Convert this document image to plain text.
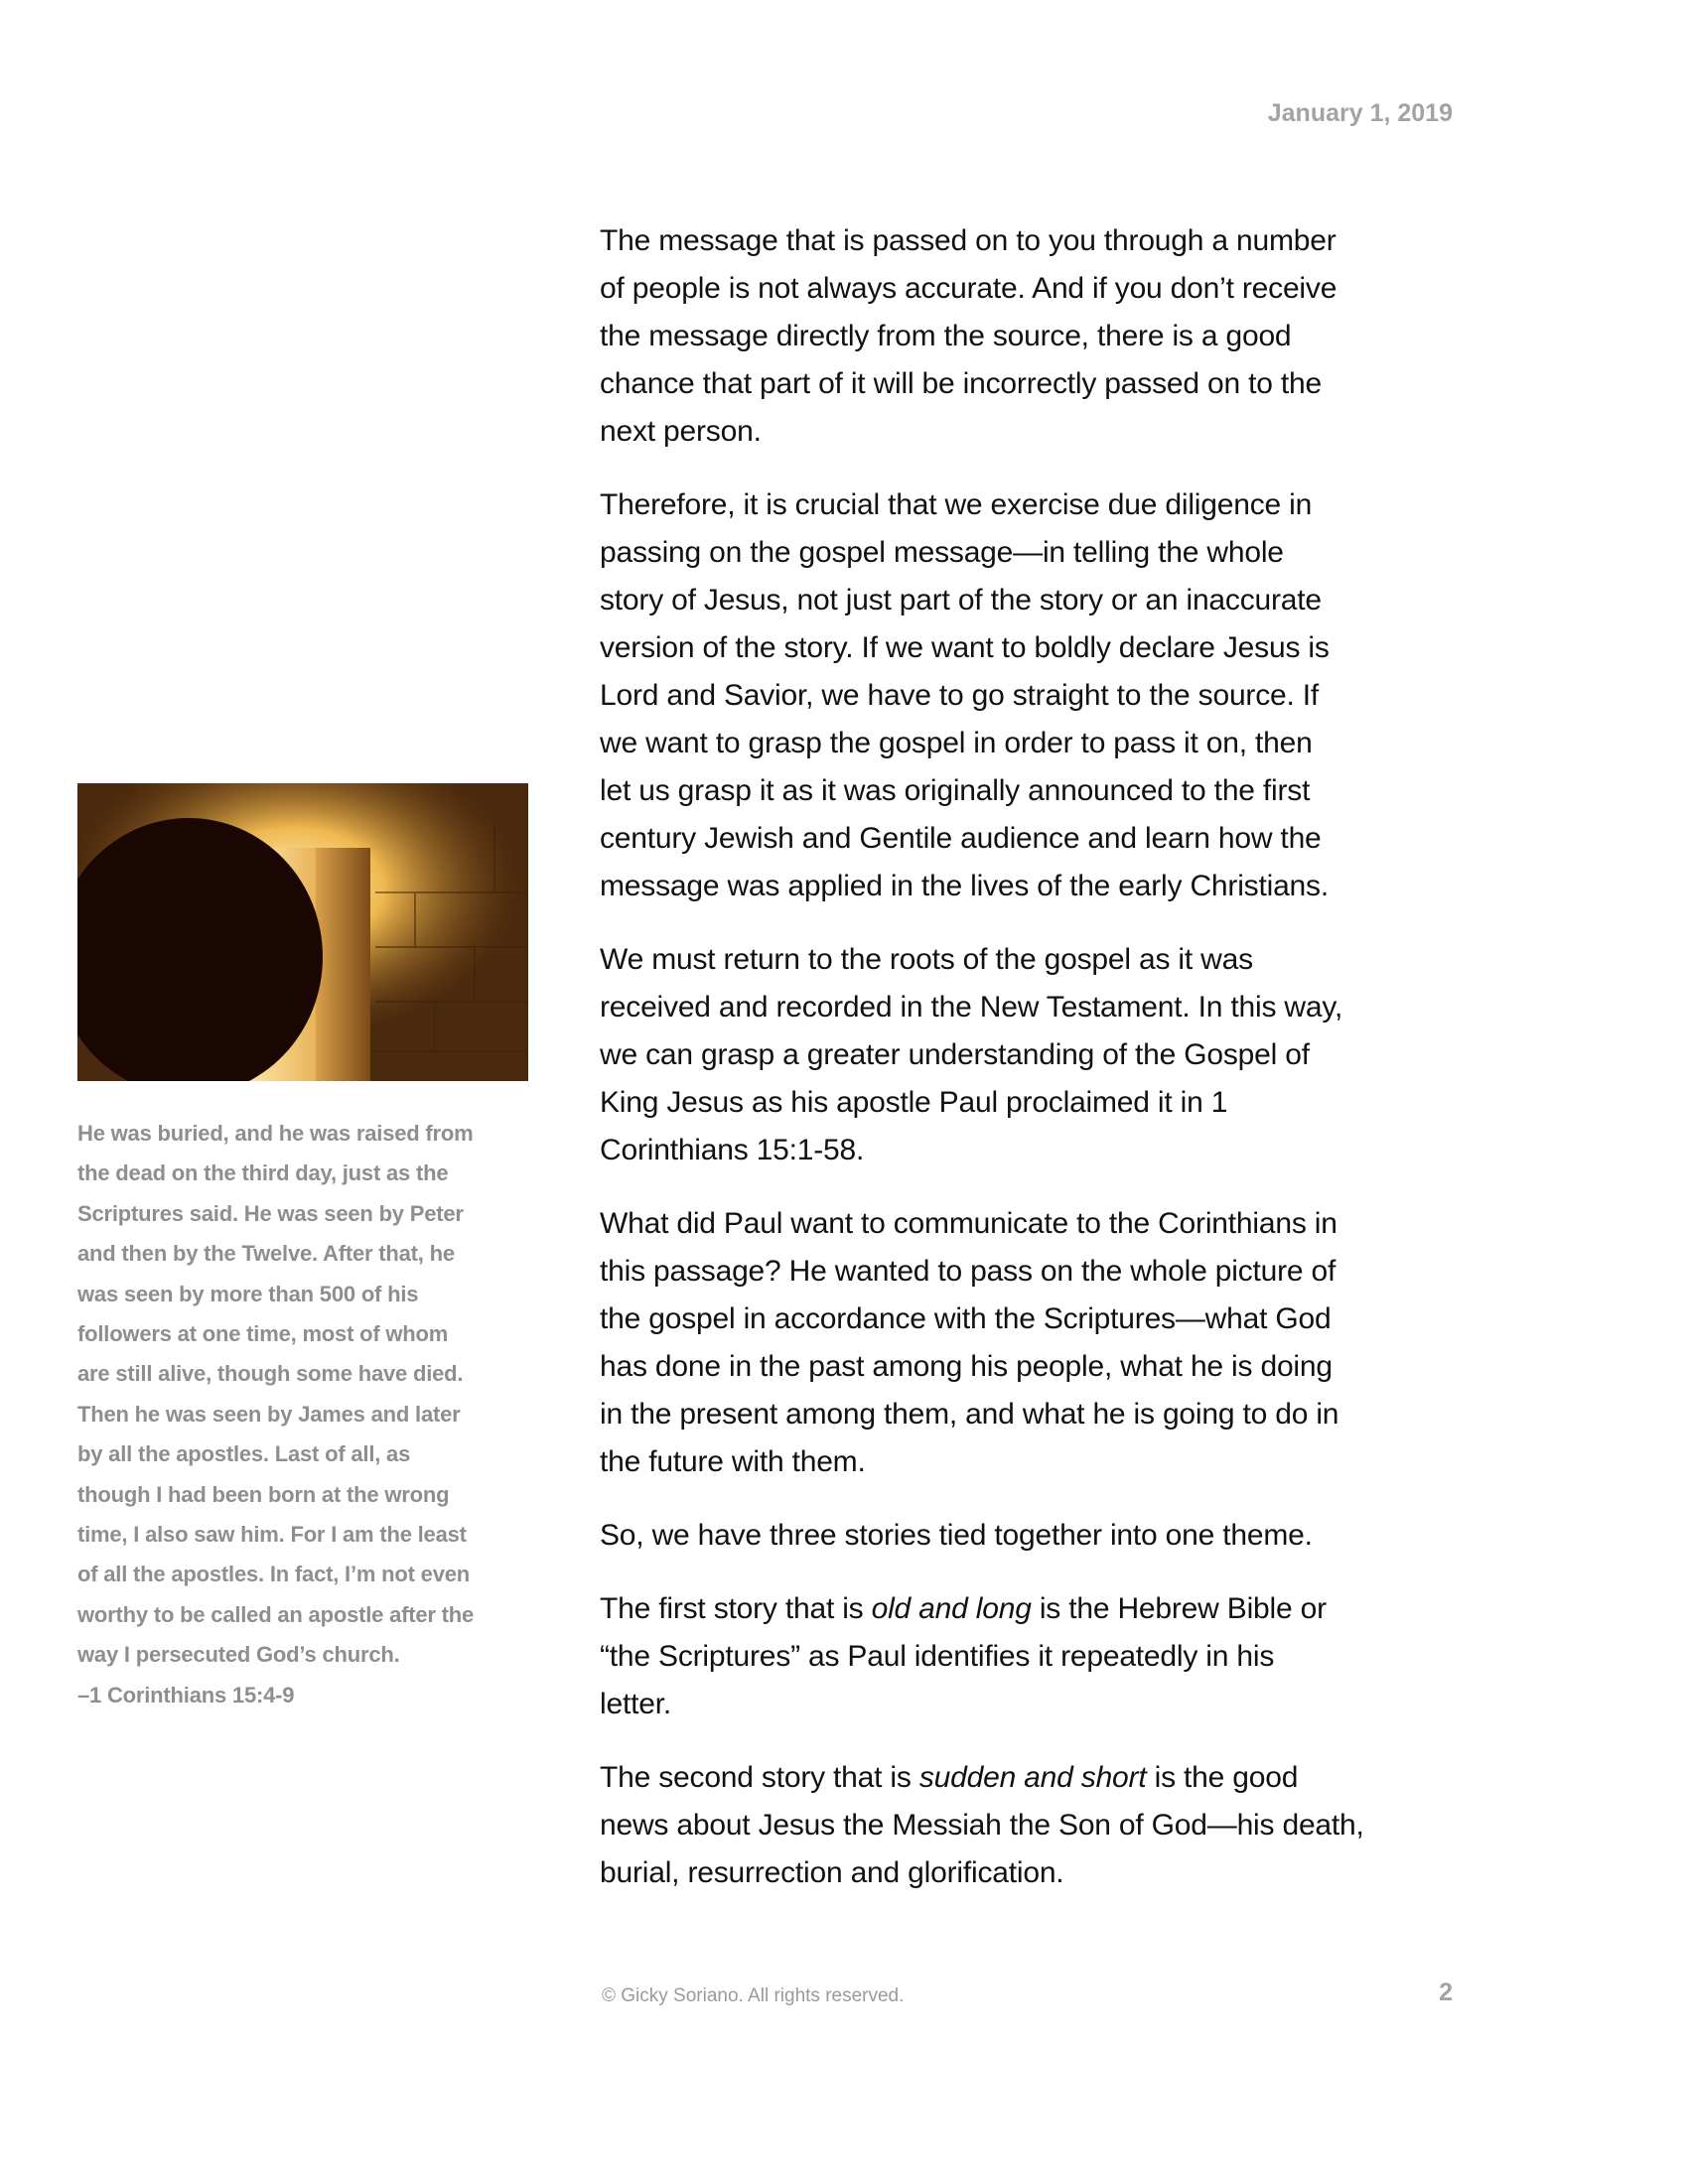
January 1, 2019

The message that is passed on to you through a number
of people is not always accurate. And if you don’t receive
the message directly from the source, there is a good
chance that part of it will be incorrectly passed on to the
next person.

Therefore, it is crucial that we exercise due diligence in
passing on the gospel message—in telling the whole
story of Jesus, not just part of the story or an inaccurate
version of the story. If we want to boldly declare Jesus is
Lord and Savior, we have to go straight to the source. If
we want to grasp the gospel in order to pass it on, then
let us grasp it as it was originally announced to the first
century Jewish and Gentile audience and learn how the
message was applied in the lives of the early Christians.

We must return to the roots of the gospel as it was
received and recorded in the New Testament. In this way,
we can grasp a greater understanding of the Gospel of
King Jesus as his apostle Paul proclaimed it in 1
Corinthians 15:1-58.

What did Paul want to communicate to the Corinthians in
this passage? He wanted to pass on the whole picture of
the gospel in accordance with the Scriptures—what God
has done in the past among his people, what he is doing
in the present among them, and what he is going to do in
the future with them.

So, we have three stories tied together into one theme.

The first story that is old and long is the Hebrew Bible or
“the Scriptures” as Paul identifies it repeatedly in his
letter.

The second story that is sudden and short is the good
news about Jesus the Messiah the Son of God—his death,
burial, resurrection and glorification.

He was buried, and he was raised from
the dead on the third day, just as the
Scriptures said. He was seen by Peter
and then by the Twelve. After that, he
was seen by more than 500 of his
followers at one time, most of whom
are still alive, though some have died.
Then he was seen by James and later
by all the apostles. Last of all, as
though I had been born at the wrong
time, I also saw him. For I am the least
of all the apostles. In fact, I’m not even
worthy to be called an apostle after the
way I persecuted God’s church.
–1 Corinthians 15:4-9
© Gicky Soriano. All rights reserved.	2
